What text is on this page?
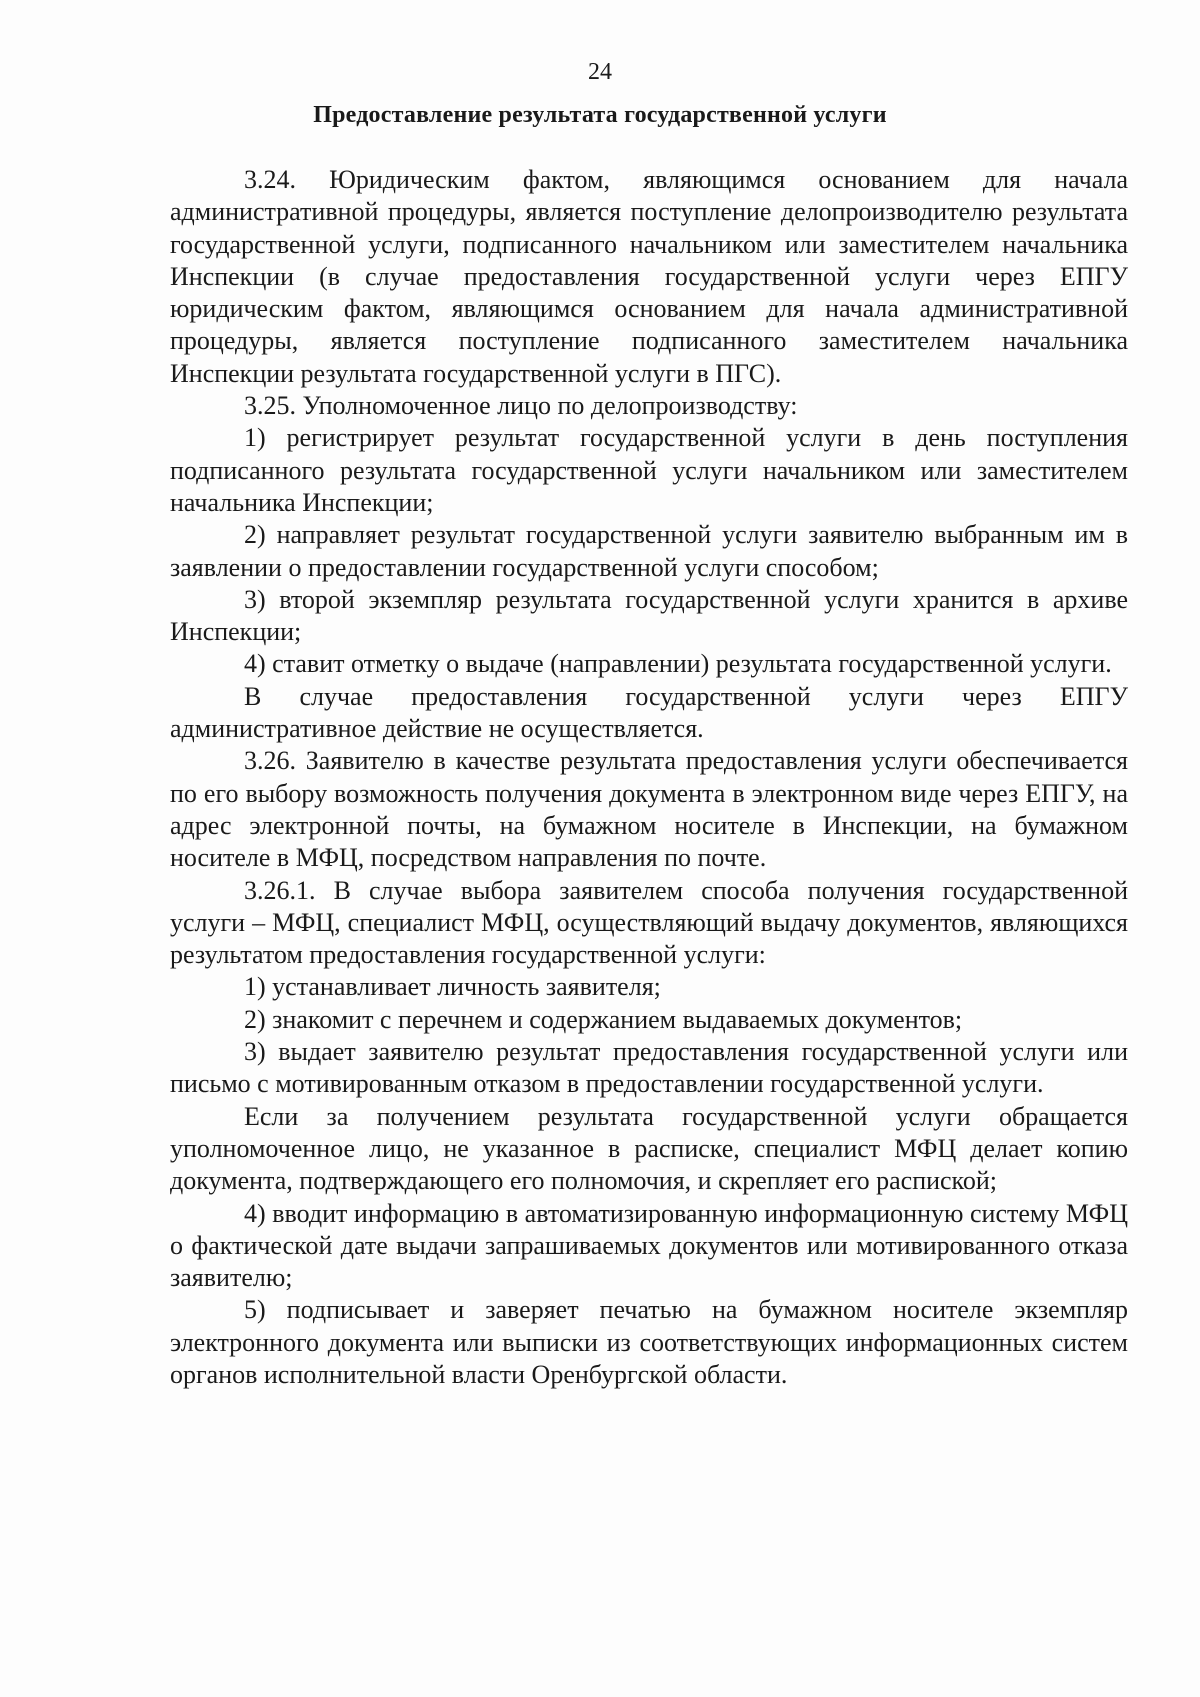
24
Предоставление результата государственной услуги

3.24. Юридическим фактом, являющимся основанием для начала административной процедуры, является поступление делопроизводителю результата государственной услуги, подписанного начальником или заместителем начальника Инспекции (в случае предоставления государственной услуги через ЕПГУ юридическим фактом, являющимся основанием для начала административной процедуры, является поступление подписанного заместителем начальника Инспекции результата государственной услуги в ПГС).

3.25. Уполномоченное лицо по делопроизводству:

1) регистрирует результат государственной услуги в день поступления подписанного результата государственной услуги начальником или заместителем начальника Инспекции;

2) направляет результат государственной услуги заявителю выбранным им в заявлении о предоставлении государственной услуги способом;

3) второй экземпляр результата государственной услуги хранится в архиве Инспекции;

4) ставит отметку о выдаче (направлении) результата государственной услуги.

В случае предоставления государственной услуги через ЕПГУ административное действие не осуществляется.

3.26. Заявителю в качестве результата предоставления услуги обеспечивается по его выбору возможность получения документа в электронном виде через ЕПГУ, на адрес электронной почты, на бумажном носителе в Инспекции, на бумажном носителе в МФЦ, посредством направления по почте.

3.26.1. В случае выбора заявителем способа получения государственной услуги – МФЦ, специалист МФЦ, осуществляющий выдачу документов, являющихся результатом предоставления государственной услуги:

1) устанавливает личность заявителя;

2) знакомит с перечнем и содержанием выдаваемых документов;

3) выдает заявителю результат предоставления государственной услуги или письмо с мотивированным отказом в предоставлении государственной услуги.

Если за получением результата государственной услуги обращается уполномоченное лицо, не указанное в расписке, специалист МФЦ делает копию документа, подтверждающего его полномочия, и скрепляет его распиской;

4) вводит информацию в автоматизированную информационную систему МФЦ о фактической дате выдачи запрашиваемых документов или мотивированного отказа заявителю;

5) подписывает и заверяет печатью на бумажном носителе экземпляр электронного документа или выписки из соответствующих информационных систем органов исполнительной власти Оренбургской области.
